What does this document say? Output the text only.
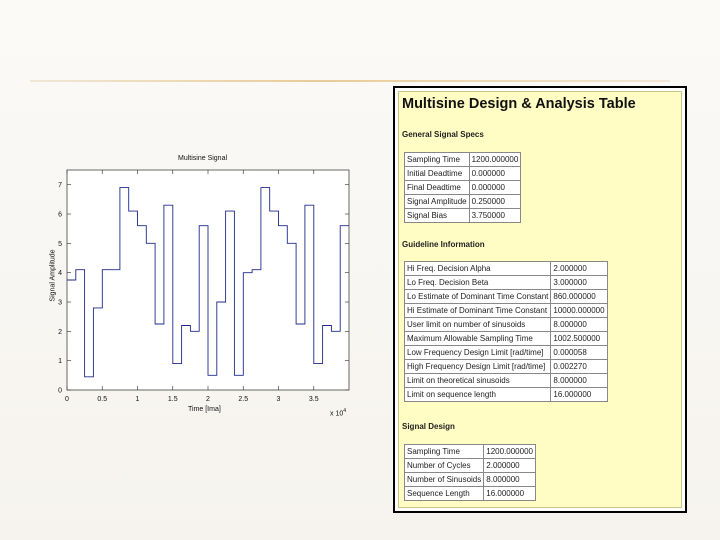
Multisine Signal
Signal Amplitude
0
1
2
3
4
5
6
7
0	0.5	1	1.5	2	2.5	3	3.5
Time [Ima]
x $10^4$
Multisine Design & Analysis Table
General Signal Specs
Sampling Time	1200.000000
Initial Deadtime	0.000000
Final Deadtime	0.000000
Signal Amplitude	0.250000
Signal Bias	3.750000
Guideline Information
Hi Freq. Decision Alpha	2.000000
Lo Freq. Decision Beta	3.000000
Lo Estimate of Dominant Time Constant	860.000000
Hi Estimate of Dominant Time Constant	10000.000000
User limit on number of sinusoids	8.000000
Maximum Allowable Sampling Time	1002.500000
Low Frequency Design Limit [rad/time]	0.000058
High Frequency Design Limit [rad/time]	0.002270
Limit on theoretical sinusoids	8.000000
Limit on sequence length	16.000000
Signal Design
Sampling Time	1200.000000
Number of Cycles	2.000000
Number of Sinusoids	8.000000
Sequence Length	16.000000
